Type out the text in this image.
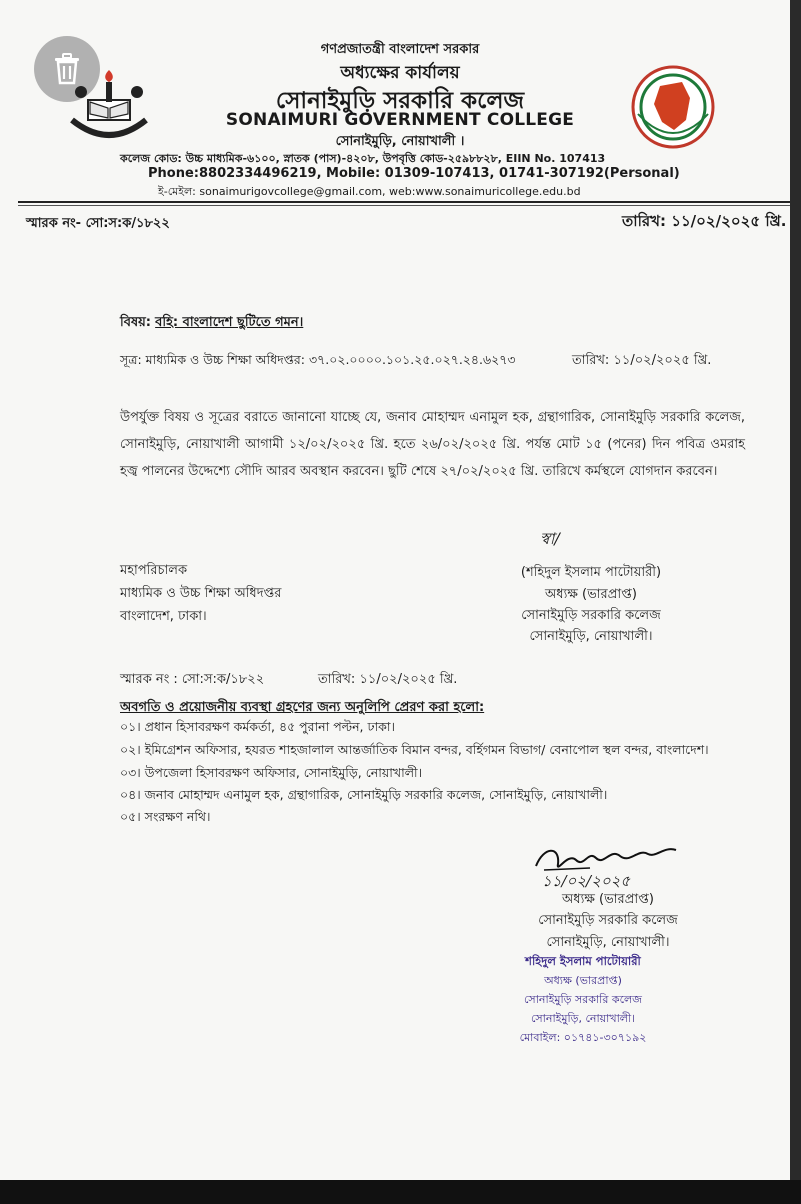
গণপ্রজাতন্ত্রী বাংলাদেশ সরকার
অধ্যক্ষের কার্যালয়
সোনাইমুড়ি সরকারি কলেজ
SONAIMURI GOVERNMENT COLLEGE
সোনাইমুড়ি, নোয়াখালী ।
কলেজ কোড: উচ্চ মাধ্যমিক-৬১০০, স্নাতক (পাস)-৪২০৮, উপবৃত্তি কোড-২৫৯৮৮২৮, EIIN No. 107413
Phone:8802334496219, Mobile: 01309-107413, 01741-307192(Personal)
ই-মেইল: sonaimurigovcollege@gmail.com, web:www.sonaimuricollege.edu.bd
স্মারক নং- সো:স:ক/১৮২২	তারিখ: ১১/০২/২০২৫ খ্রি.
বিষয়: বহি: বাংলাদেশ ছুটিতে গমন।
সূত্র: মাধ্যমিক ও উচ্চ শিক্ষা অধিদপ্তর: ৩৭.০২.০০০০.১০১.২৫.০২৭.২৪.৬২৭৩	তারিখ: ১১/০২/২০২৫ খ্রি.
উপর্যুক্ত বিষয় ও সূত্রের বরাতে জানানো যাচ্ছে যে, জনাব মোহাম্মদ এনামুল হক, গ্রন্থাগারিক, সোনাইমুড়ি সরকারি কলেজ, সোনাইমুড়ি, নোয়াখালী আগামী ১২/০২/২০২৫ খ্রি. হতে ২৬/০২/২০২৫ খ্রি. পর্যন্ত মোট ১৫ (পনের) দিন পবিত্র ওমরাহ হজ্ব পালনের উদ্দেশ্যে সৌদি আরব অবস্থান করবেন। ছুটি শেষে ২৭/০২/২০২৫ খ্রি. তারিখে কর্মস্থলে যোগদান করবেন।
স্বা/
মহাপরিচালক
মাধ্যমিক ও উচ্চ শিক্ষা অধিদপ্তর
বাংলাদেশ, ঢাকা।
(শহিদুল ইসলাম পাটোয়ারী)
অধ্যক্ষ (ভারপ্রাপ্ত)
সোনাইমুড়ি সরকারি কলেজ
সোনাইমুড়ি, নোয়াখালী।
স্মারক নং : সো:স:ক/১৮২২	তারিখ: ১১/০২/২০২৫ খ্রি.
অবগতি ও প্রয়োজনীয় ব্যবস্থা গ্রহণের জন্য অনুলিপি প্রেরণ করা হলো:
০১। প্রধান হিসাবরক্ষণ কর্মকর্তা, ৪৫ পুরানা পল্টন, ঢাকা।
০২। ইমিগ্রেশন অফিসার, হযরত শাহজালাল আন্তর্জাতিক বিমান বন্দর, বর্হিগমন বিভাগ/ বেনাপোল স্থল বন্দর, বাংলাদেশ।
০৩। উপজেলা হিসাবরক্ষণ অফিসার, সোনাইমুড়ি, নোয়াখালী।
০৪। জনাব মোহাম্মদ এনামুল হক, গ্রন্থাগারিক, সোনাইমুড়ি সরকারি কলেজ, সোনাইমুড়ি, নোয়াখালী।
০৫। সংরক্ষণ নথি।
১১/০২/২০২৫
অধ্যক্ষ (ভারপ্রাপ্ত)
সোনাইমুড়ি সরকারি কলেজ
সোনাইমুড়ি, নোয়াখালী।
শহিদুল ইসলাম পাটোয়ারী
অধ্যক্ষ (ভারপ্রাপ্ত)
সোনাইমুড়ি সরকারি কলেজ
সোনাইমুড়ি, নোয়াখালী।
মোবাইল: ০১৭৪১-৩০৭১৯২
